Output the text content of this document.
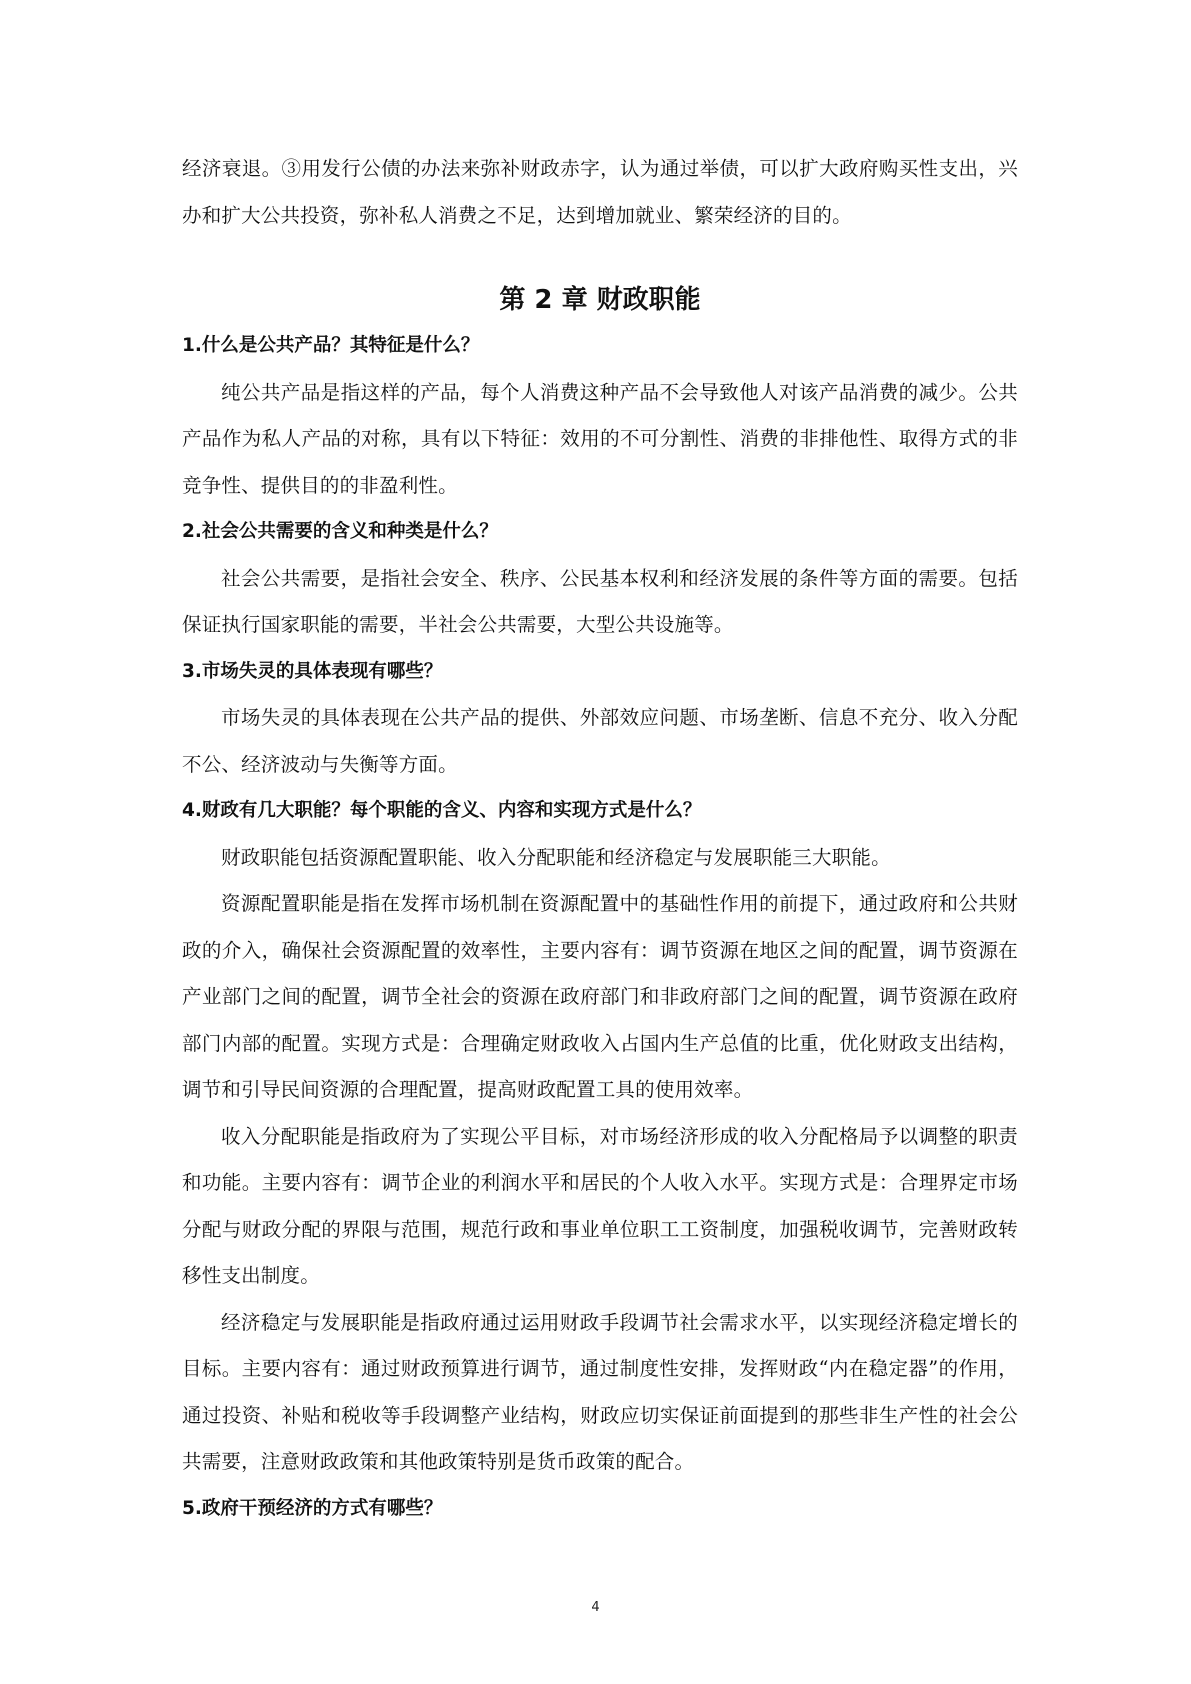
经济衰退。③用发行公债的办法来弥补财政赤字，认为通过举债，可以扩大政府购买性支出，兴办和扩大公共投资，弥补私人消费之不足，达到增加就业、繁荣经济的目的。

第 2 章 财政职能
1.什么是公共产品？其特征是什么？

纯公共产品是指这样的产品，每个人消费这种产品不会导致他人对该产品消费的减少。公共产品作为私人产品的对称，具有以下特征：效用的不可分割性、消费的非排他性、取得方式的非竞争性、提供目的的非盈利性。

2.社会公共需要的含义和种类是什么？

社会公共需要，是指社会安全、秩序、公民基本权利和经济发展的条件等方面的需要。包括保证执行国家职能的需要，半社会公共需要，大型公共设施等。

3.市场失灵的具体表现有哪些？

市场失灵的具体表现在公共产品的提供、外部效应问题、市场垄断、信息不充分、收入分配不公、经济波动与失衡等方面。

4.财政有几大职能？每个职能的含义、内容和实现方式是什么？

财政职能包括资源配置职能、收入分配职能和经济稳定与发展职能三大职能。

资源配置职能是指在发挥市场机制在资源配置中的基础性作用的前提下，通过政府和公共财政的介入，确保社会资源配置的效率性，主要内容有：调节资源在地区之间的配置，调节资源在产业部门之间的配置，调节全社会的资源在政府部门和非政府部门之间的配置，调节资源在政府部门内部的配置。实现方式是：合理确定财政收入占国内生产总值的比重，优化财政支出结构，调节和引导民间资源的合理配置，提高财政配置工具的使用效率。

收入分配职能是指政府为了实现公平目标，对市场经济形成的收入分配格局予以调整的职责和功能。主要内容有：调节企业的利润水平和居民的个人收入水平。实现方式是：合理界定市场分配与财政分配的界限与范围，规范行政和事业单位职工工资制度，加强税收调节，完善财政转移性支出制度。

经济稳定与发展职能是指政府通过运用财政手段调节社会需求水平，以实现经济稳定增长的目标。主要内容有：通过财政预算进行调节，通过制度性安排，发挥财政“内在稳定器”的作用，通过投资、补贴和税收等手段调整产业结构，财政应切实保证前面提到的那些非生产性的社会公共需要，注意财政政策和其他政策特别是货币政策的配合。

5.政府干预经济的方式有哪些？
4
